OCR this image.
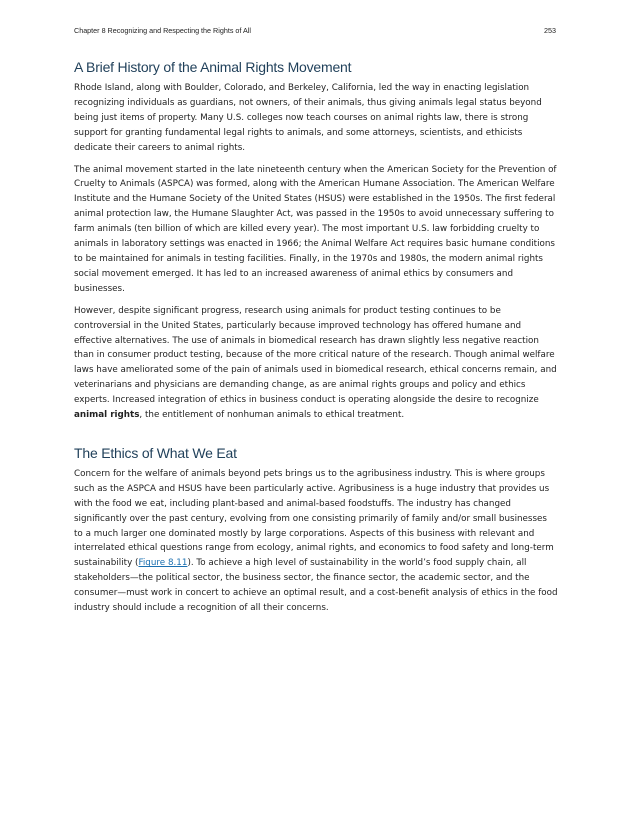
Chapter 8 Recognizing and Respecting the Rights of All	253
A Brief History of the Animal Rights Movement

Rhode Island, along with Boulder, Colorado, and Berkeley, California, led the way in enacting legislation recognizing individuals as guardians, not owners, of their animals, thus giving animals legal status beyond being just items of property. Many U.S. colleges now teach courses on animal rights law, there is strong support for granting fundamental legal rights to animals, and some attorneys, scientists, and ethicists dedicate their careers to animal rights.

The animal movement started in the late nineteenth century when the American Society for the Prevention of Cruelty to Animals (ASPCA) was formed, along with the American Humane Association. The American Welfare Institute and the Humane Society of the United States (HSUS) were established in the 1950s. The first federal animal protection law, the Humane Slaughter Act, was passed in the 1950s to avoid unnecessary suffering to farm animals (ten billion of which are killed every year). The most important U.S. law forbidding cruelty to animals in laboratory settings was enacted in 1966; the Animal Welfare Act requires basic humane conditions to be maintained for animals in testing facilities. Finally, in the 1970s and 1980s, the modern animal rights social movement emerged. It has led to an increased awareness of animal ethics by consumers and businesses.

However, despite significant progress, research using animals for product testing continues to be controversial in the United States, particularly because improved technology has offered humane and effective alternatives. The use of animals in biomedical research has drawn slightly less negative reaction than in consumer product testing, because of the more critical nature of the research. Though animal welfare laws have ameliorated some of the pain of animals used in biomedical research, ethical concerns remain, and veterinarians and physicians are demanding change, as are animal rights groups and policy and ethics experts. Increased integration of ethics in business conduct is operating alongside the desire to recognize animal rights, the entitlement of nonhuman animals to ethical treatment.

The Ethics of What We Eat

Concern for the welfare of animals beyond pets brings us to the agribusiness industry. This is where groups such as the ASPCA and HSUS have been particularly active. Agribusiness is a huge industry that provides us with the food we eat, including plant-based and animal-based foodstuffs. The industry has changed significantly over the past century, evolving from one consisting primarily of family and/or small businesses to a much larger one dominated mostly by large corporations. Aspects of this business with relevant and interrelated ethical questions range from ecology, animal rights, and economics to food safety and long-term sustainability (Figure 8.11). To achieve a high level of sustainability in the world’s food supply chain, all stakeholders—the political sector, the business sector, the finance sector, the academic sector, and the consumer—must work in concert to achieve an optimal result, and a cost-benefit analysis of ethics in the food industry should include a recognition of all their concerns.
